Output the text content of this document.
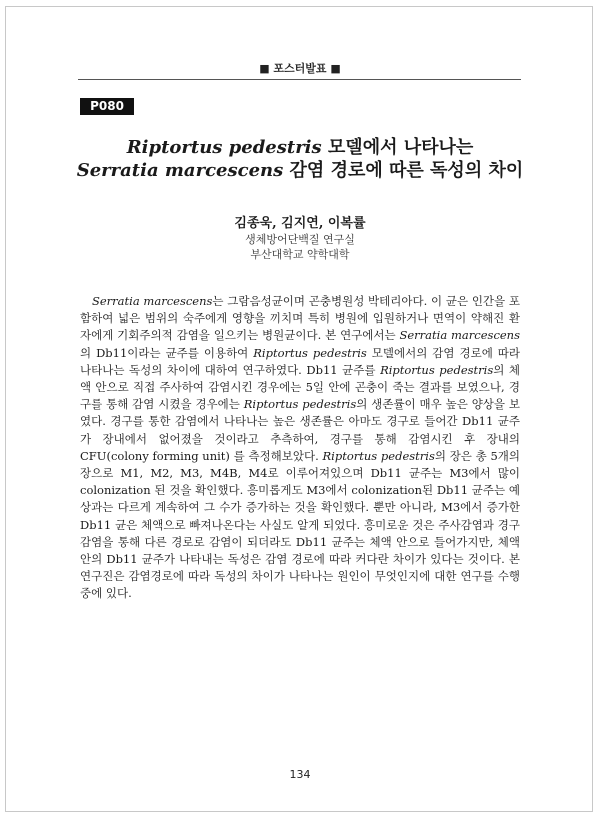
■ 포스터발표 ■
P080
Riptortus pedestris 모델에서 나타나는
Serratia marcescens 감염 경로에 따른 독성의 차이
김종욱, 김지연, 이복률
생체방어단백질 연구실
부산대학교 약학대학
Serratia marcescens는 그람음성균이며 곤충병원성 박테리아다. 이 균은 인간을 포함하여 넓은 범위의 숙주에게 영향을 끼치며 특히 병원에 입원하거나 면역이 약해진 환자에게 기회주의적 감염을 일으키는 병원균이다. 본 연구에서는 Serratia marcescens의 Db11이라는 균주를 이용하여 Riptortus pedestris 모델에서의 감염 경로에 따라 나타나는 독성의 차이에 대하여 연구하였다. Db11 균주를 Riptortus pedestris의 체액 안으로 직접 주사하여 감염시킨 경우에는 5일 안에 곤충이 죽는 결과를 보였으나, 경구를 통해 감염 시켰을 경우에는 Riptortus pedestris의 생존률이 매우 높은 양상을 보였다. 경구를 통한 감염에서 나타나는 높은 생존률은 아마도 경구로 들어간 Db11 균주가 장내에서 없어졌을 것이라고 추측하여, 경구를 통해 감염시킨 후 장내의 CFU(colony forming unit) 를 측정해보았다. Riptortus pedestris의 장은 총 5개의 장으로 M1, M2, M3, M4B, M4로 이루어져있으며 Db11 균주는 M3에서 많이 colonization 된 것을 확인했다. 흥미롭게도 M3에서 colonization된 Db11 균주는 예상과는 다르게 계속하여 그 수가 증가하는 것을 확인했다. 뿐만 아니라, M3에서 증가한 Db11 균은 체액으로 빠져나온다는 사실도 알게 되었다. 흥미로운 것은 주사감염과 경구감염을 통해 다른 경로로 감염이 되더라도 Db11 균주는 체액 안으로 들어가지만, 체액 안의 Db11 균주가 나타내는 독성은 감염 경로에 따라 커다란 차이가 있다는 것이다. 본 연구진은 감염경로에 따라 독성의 차이가 나타나는 원인이 무엇인지에 대한 연구를 수행 중에 있다.
134
